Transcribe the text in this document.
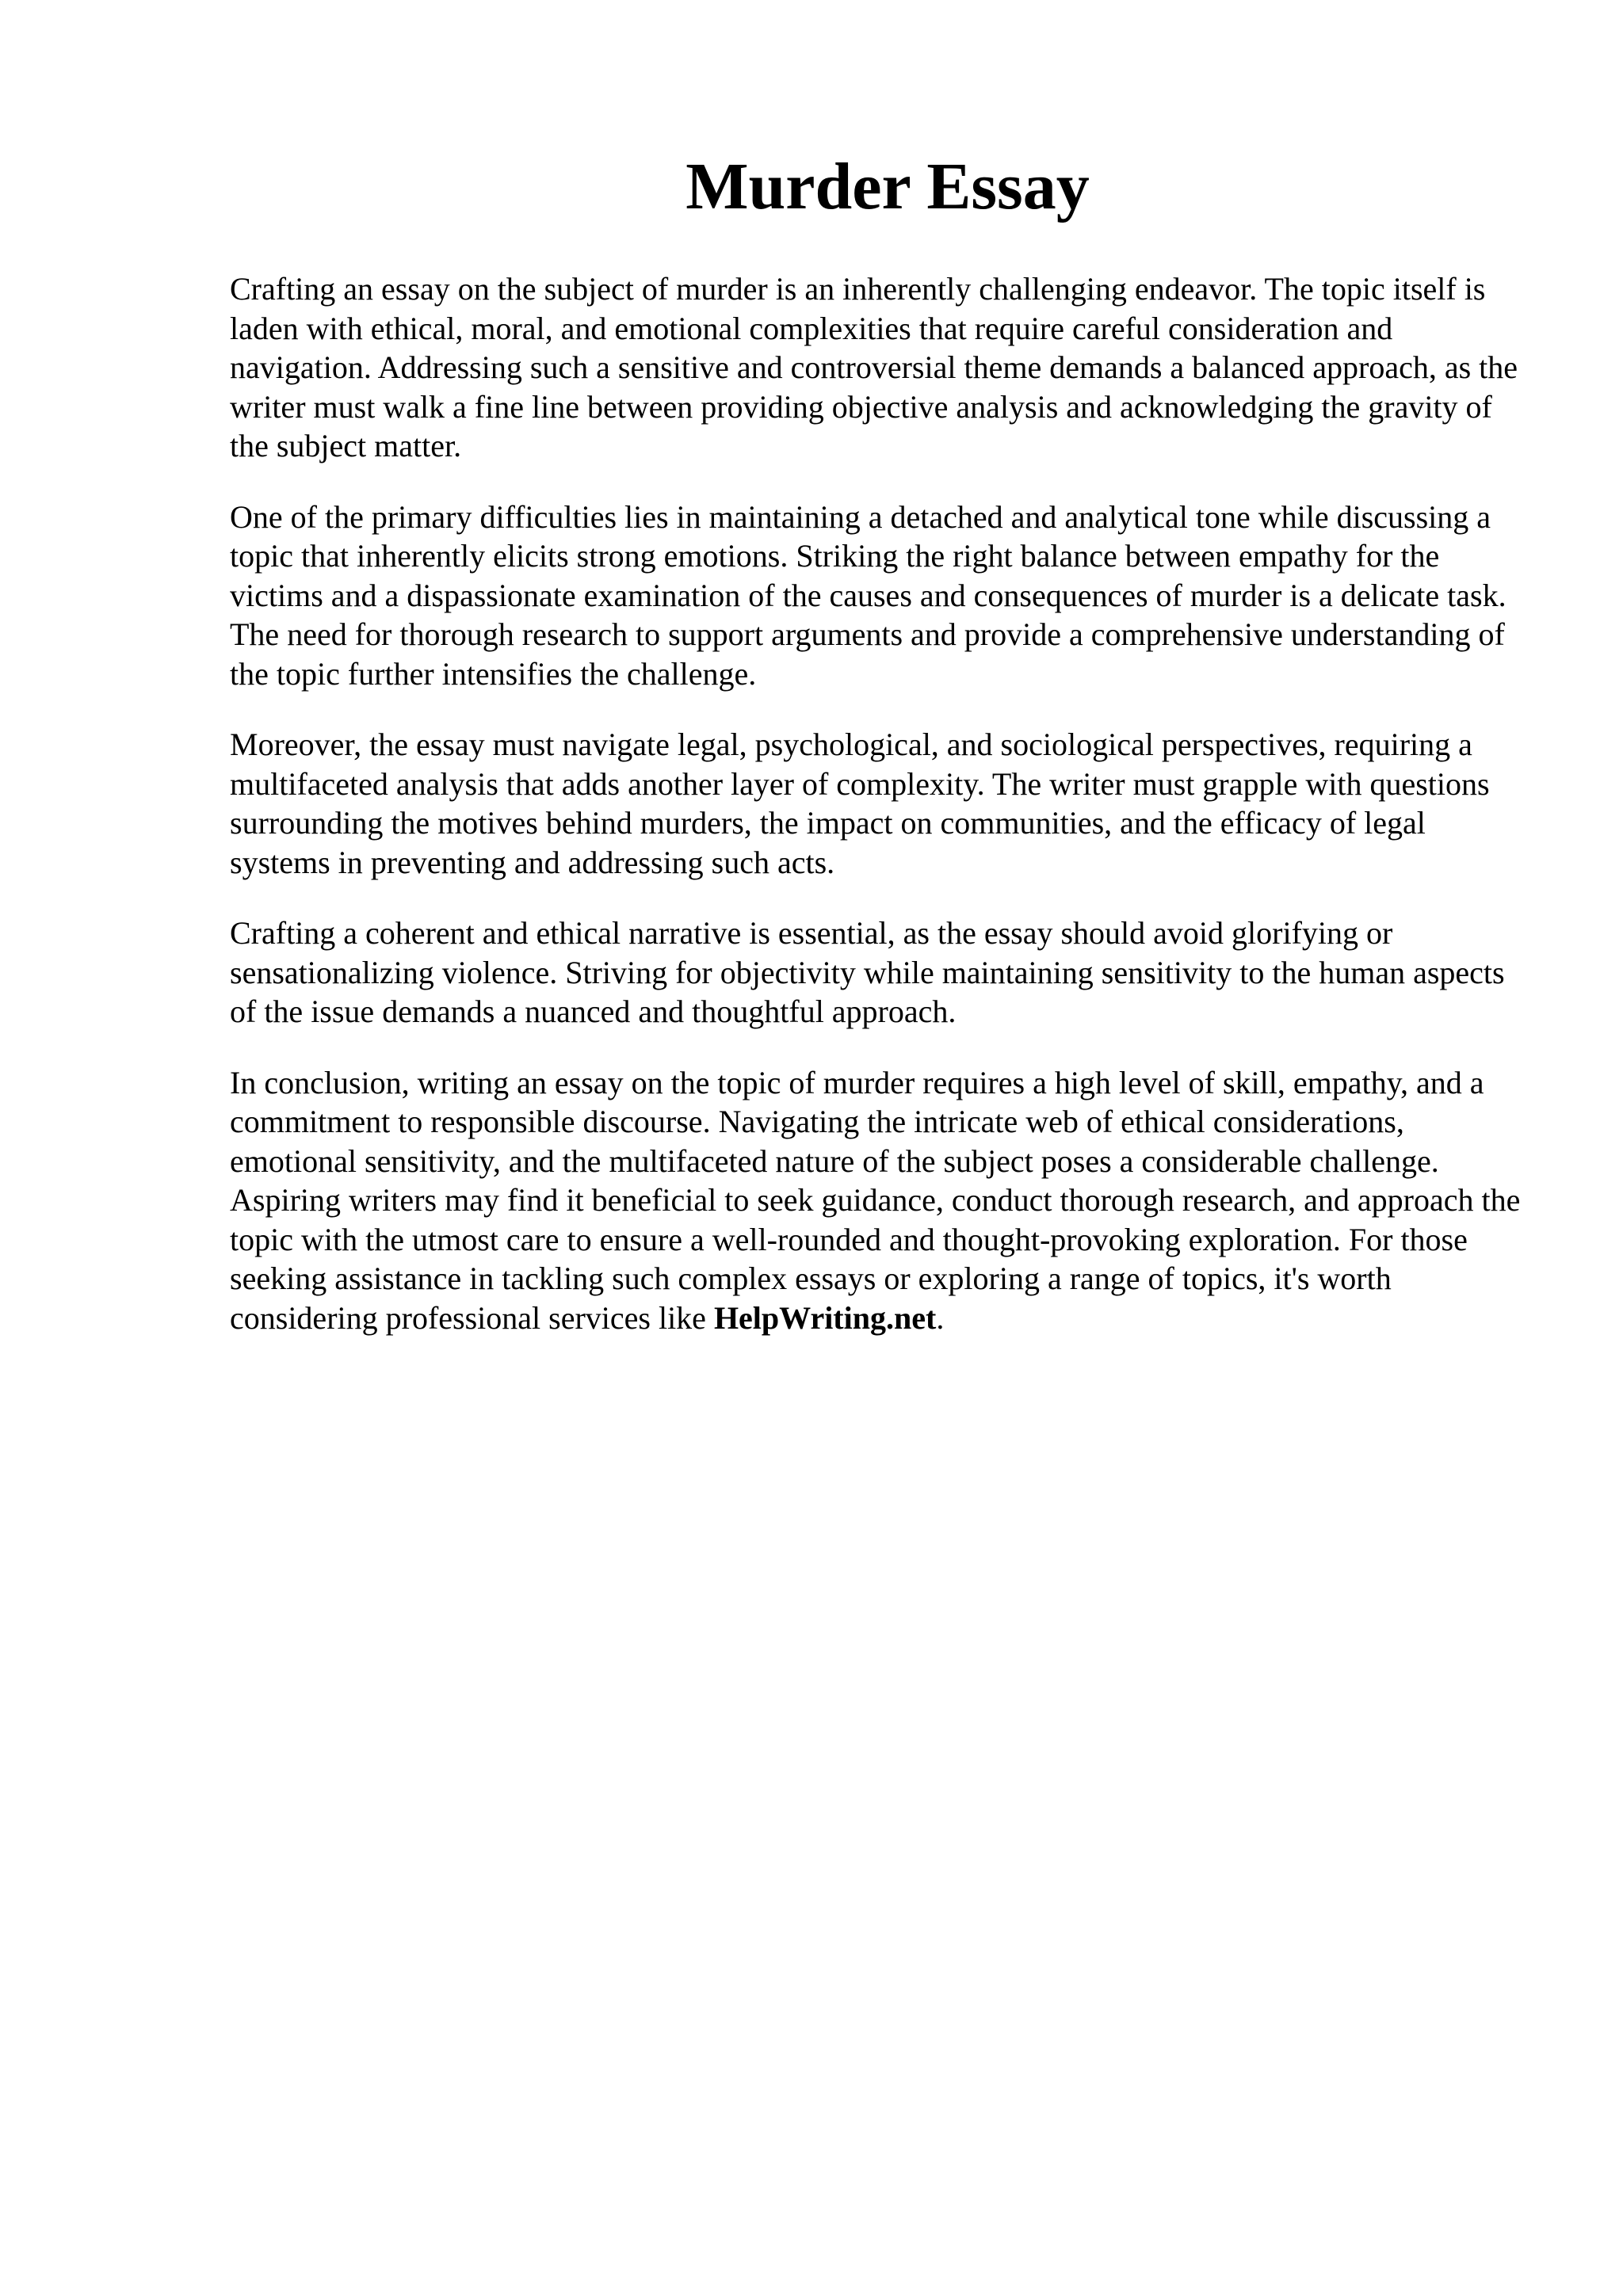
Murder Essay

Crafting an essay on the subject of murder is an inherently challenging endeavor. The topic itself is laden with ethical, moral, and emotional complexities that require careful consideration and navigation. Addressing such a sensitive and controversial theme demands a balanced approach, as the writer must walk a fine line between providing objective analysis and acknowledging the gravity of the subject matter.

One of the primary difficulties lies in maintaining a detached and analytical tone while discussing a topic that inherently elicits strong emotions. Striking the right balance between empathy for the victims and a dispassionate examination of the causes and consequences of murder is a delicate task. The need for thorough research to support arguments and provide a comprehensive understanding of the topic further intensifies the challenge.

Moreover, the essay must navigate legal, psychological, and sociological perspectives, requiring a multifaceted analysis that adds another layer of complexity. The writer must grapple with questions surrounding the motives behind murders, the impact on communities, and the efficacy of legal systems in preventing and addressing such acts.

Crafting a coherent and ethical narrative is essential, as the essay should avoid glorifying or sensationalizing violence. Striving for objectivity while maintaining sensitivity to the human aspects of the issue demands a nuanced and thoughtful approach.

In conclusion, writing an essay on the topic of murder requires a high level of skill, empathy, and a commitment to responsible discourse. Navigating the intricate web of ethical considerations, emotional sensitivity, and the multifaceted nature of the subject poses a considerable challenge. Aspiring writers may find it beneficial to seek guidance, conduct thorough research, and approach the topic with the utmost care to ensure a well-rounded and thought-provoking exploration. For those seeking assistance in tackling such complex essays or exploring a range of topics, it's worth considering professional services like HelpWriting.net.
